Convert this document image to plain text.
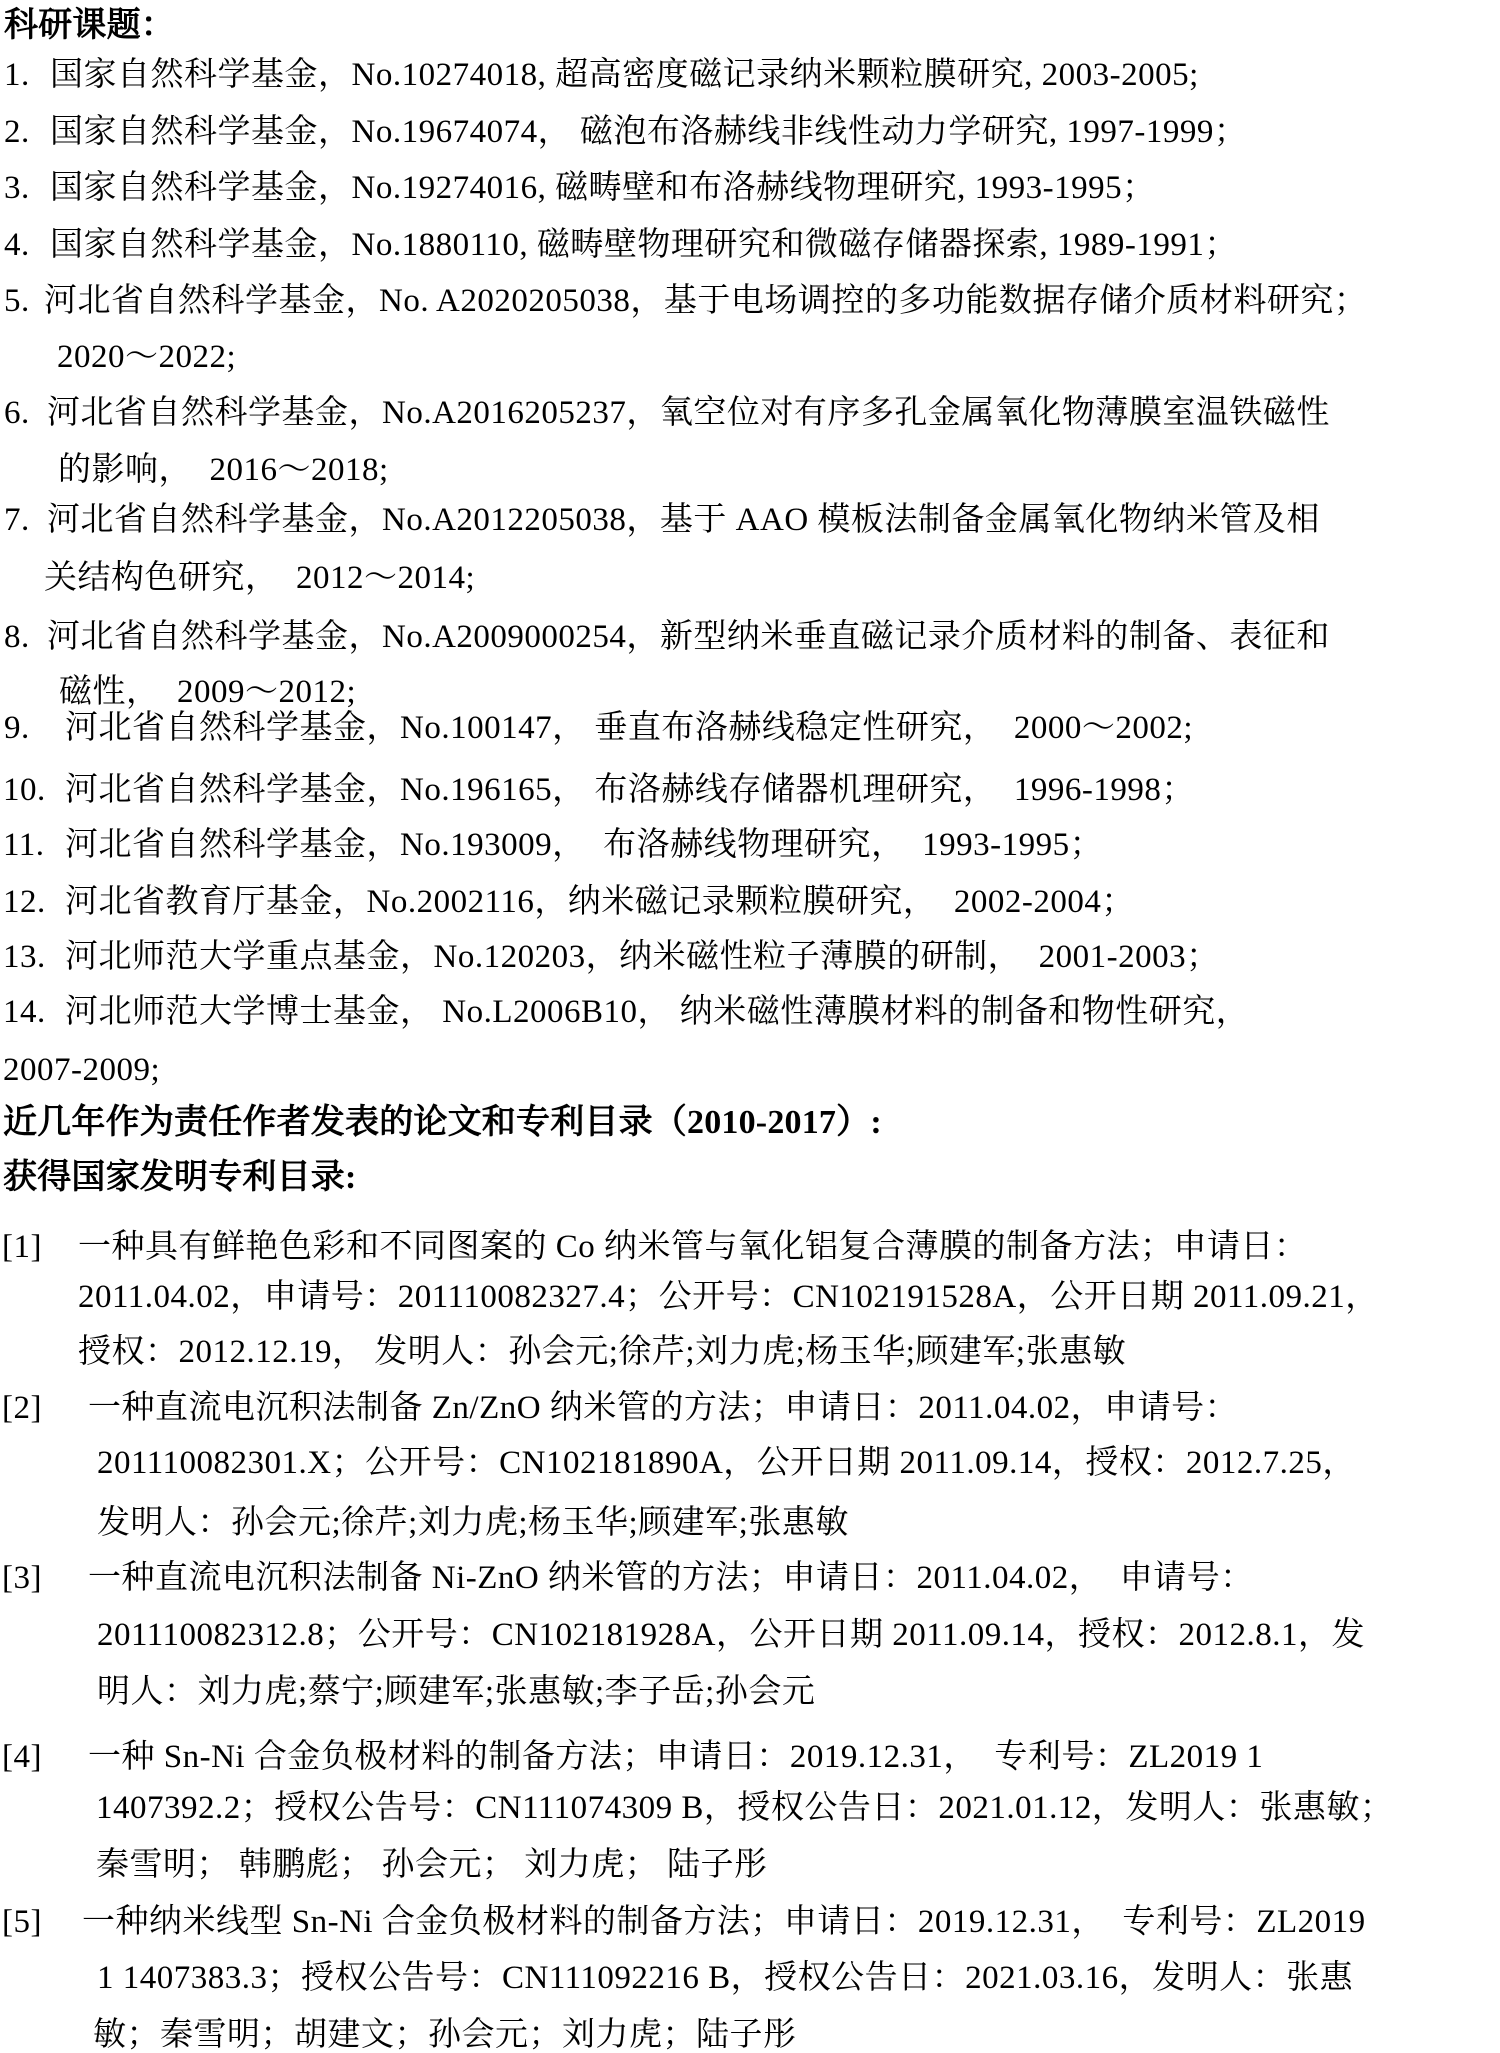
科研课题：
1. 国家自然科学基金，No.10274018, 超高密度磁记录纳米颗粒膜研究, 2003-2005;
2. 国家自然科学基金，No.19674074， 磁泡布洛赫线非线性动力学研究, 1997-1999；
3. 国家自然科学基金，No.19274016, 磁畴壁和布洛赫线物理研究, 1993-1995；
4. 国家自然科学基金，No.1880110, 磁畴壁物理研究和微磁存储器探索, 1989-1991；
5. 河北省自然科学基金，No. A2020205038，基于电场调控的多功能数据存储介质材料研究；
2020～2022;
6. 河北省自然科学基金，No.A2016205237，氧空位对有序多孔金属氧化物薄膜室温铁磁性
的影响，  2016～2018;
7. 河北省自然科学基金，No.A2012205038，基于 AAO 模板法制备金属氧化物纳米管及相
关结构色研究，  2012～2014;
8. 河北省自然科学基金，No.A2009000254，新型纳米垂直磁记录介质材料的制备、表征和
磁性，  2009～2012;
9. 河北省自然科学基金，No.100147， 垂直布洛赫线稳定性研究，  2000～2002;
10. 河北省自然科学基金，No.196165， 布洛赫线存储器机理研究，  1996-1998；
11. 河北省自然科学基金，No.193009，  布洛赫线物理研究，  1993-1995；
12. 河北省教育厅基金，No.2002116，纳米磁记录颗粒膜研究，  2002-2004；
13. 河北师范大学重点基金，No.120203，纳米磁性粒子薄膜的研制，  2001-2003；
14. 河北师范大学博士基金， No.L2006B10， 纳米磁性薄膜材料的制备和物性研究，
2007-2009;
近几年作为责任作者发表的论文和专利目录（2010-2017）:
获得国家发明专利目录:
[1] 一种具有鲜艳色彩和不同图案的 Co 纳米管与氧化铝复合薄膜的制备方法；申请日：
2011.04.02，申请号：201110082327.4；公开号：CN102191528A，公开日期 2011.09.21，
授权：2012.12.19， 发明人：孙会元;徐芹;刘力虎;杨玉华;顾建军;张惠敏
[2] 一种直流电沉积法制备 Zn/ZnO 纳米管的方法；申请日：2011.04.02，申请号：
201110082301.X；公开号：CN102181890A，公开日期 2011.09.14，授权：2012.7.25，
发明人：孙会元;徐芹;刘力虎;杨玉华;顾建军;张惠敏
[3] 一种直流电沉积法制备 Ni-ZnO 纳米管的方法；申请日：2011.04.02，  申请号：
201110082312.8；公开号：CN102181928A，公开日期 2011.09.14，授权：2012.8.1，发
明人：刘力虎;蔡宁;顾建军;张惠敏;李子岳;孙会元
[4] 一种 Sn-Ni 合金负极材料的制备方法；申请日：2019.12.31，  专利号：ZL2019 1
1407392.2；授权公告号：CN111074309 B，授权公告日：2021.01.12，发明人：张惠敏；
秦雪明； 韩鹏彪； 孙会元； 刘力虎； 陆子彤
[5] 一种纳米线型 Sn-Ni 合金负极材料的制备方法；申请日：2019.12.31，  专利号：ZL2019
1 1407383.3；授权公告号：CN111092216 B，授权公告日：2021.03.16，发明人：张惠
敏；秦雪明；胡建文；孙会元；刘力虎；陆子彤
